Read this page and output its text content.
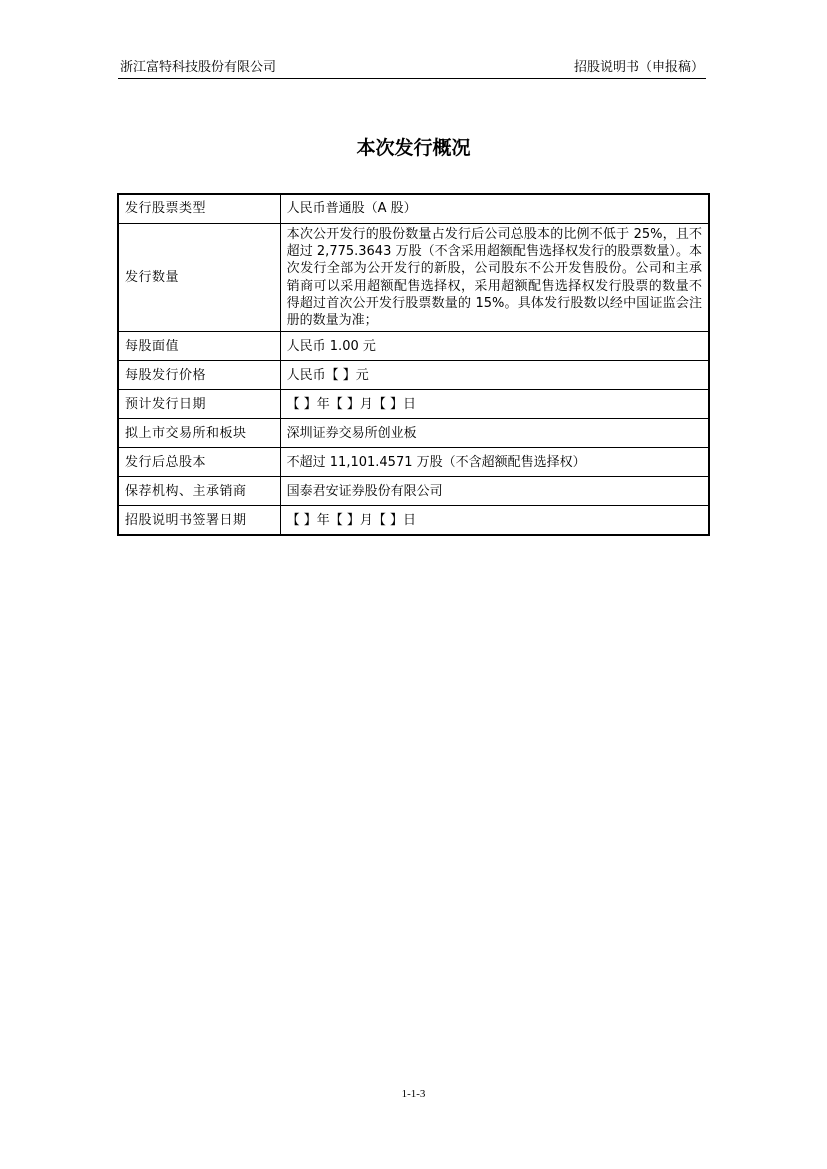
浙江富特科技股份有限公司	招股说明书（申报稿）
本次发行概况
发行股票类型	人民币普通股（A 股）
发行数量	本次公开发行的股份数量占发行后公司总股本的比例不低于 25%，且不超过 2,775.3643 万股（不含采用超额配售选择权发行的股票数量）。本次发行全部为公开发行的新股，公司股东不公开发售股份。公司和主承销商可以采用超额配售选择权，采用超额配售选择权发行股票的数量不得超过首次公开发行股票数量的 15%。具体发行股数以经中国证监会注册的数量为准；
每股面值	人民币 1.00 元
每股发行价格	人民币【 】元
预计发行日期	【 】年【 】月【 】日
拟上市交易所和板块	深圳证券交易所创业板
发行后总股本	不超过 11,101.4571 万股（不含超额配售选择权）
保荐机构、主承销商	国泰君安证券股份有限公司
招股说明书签署日期	【 】年【 】月【 】日
1-1-3
